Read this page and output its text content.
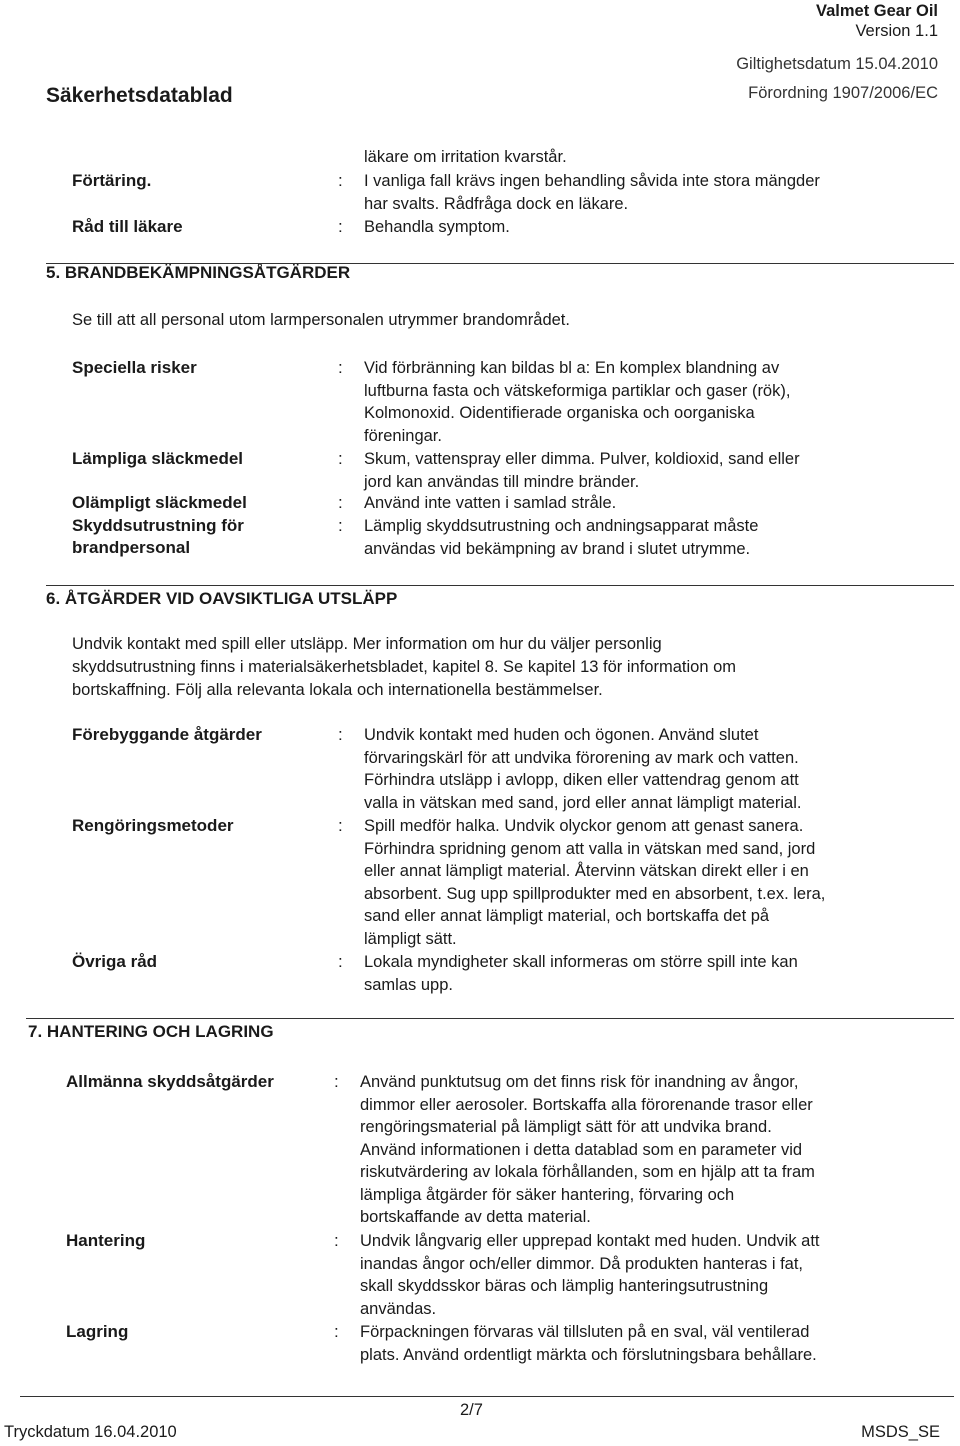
Valmet Gear Oil
Version 1.1
Giltighetsdatum 15.04.2010
Förordning 1907/2006/EC
Säkerhetsdatablad
läkare om irritation kvarstår.
Förtäring.	: I vanliga fall krävs ingen behandling såvida inte stora mängder
har svalts. Rådfråga dock en läkare.
Råd till läkare	: Behandla symptom.
5. BRANDBEKÄMPNINGSÅTGÄRDER
Se till att all personal utom larmpersonalen utrymmer brandområdet.
Speciella risker	: Vid förbränning kan bildas bl a: En komplex blandning av
luftburna fasta och vätskeformiga partiklar och gaser (rök),
Kolmonoxid. Oidentifierade organiska och oorganiska
föreningar.
Lämpliga släckmedel	: Skum, vattenspray eller dimma. Pulver, koldioxid, sand eller
jord kan användas till mindre bränder.
Olämpligt släckmedel	: Använd inte vatten i samlad stråle.
Skyddsutrustning för
brandpersonal
: Lämplig skyddsutrustning och andningsapparat måste
användas vid bekämpning av brand i slutet utrymme.
6. ÅTGÄRDER VID OAVSIKTLIGA UTSLÄPP
Undvik kontakt med spill eller utsläpp. Mer information om hur du väljer personlig
skyddsutrustning finns i materialsäkerhetsbladet, kapitel 8. Se kapitel 13 för information om
bortskaffning. Följ alla relevanta lokala och internationella bestämmelser.
Förebyggande åtgärder	: Undvik kontakt med huden och ögonen. Använd slutet
förvaringskärl för att undvika förorening av mark och vatten.
Förhindra utsläpp i avlopp, diken eller vattendrag genom att
valla in vätskan med sand, jord eller annat lämpligt material.
Rengöringsmetoder	: Spill medför halka. Undvik olyckor genom att genast sanera.
Förhindra spridning genom att valla in vätskan med sand, jord
eller annat lämpligt material. Återvinn vätskan direkt eller i en
absorbent. Sug upp spillprodukter med en absorbent, t.ex. lera,
sand eller annat lämpligt material, och bortskaffa det på
lämpligt sätt.
Övriga råd	: Lokala myndigheter skall informeras om större spill inte kan
samlas upp.
7. HANTERING OCH LAGRING
Allmänna skyddsåtgärder	: Använd punktutsug om det finns risk för inandning av ångor,
dimmor eller aerosoler. Bortskaffa alla förorenande trasor eller
rengöringsmaterial på lämpligt sätt för att undvika brand.
Använd informationen i detta datablad som en parameter vid
riskutvärdering av lokala förhållanden, som en hjälp att ta fram
lämpliga åtgärder för säker hantering, förvaring och
bortskaffande av detta material.
Hantering	: Undvik långvarig eller upprepad kontakt med huden. Undvik att
inandas ångor och/eller dimmor. Då produkten hanteras i fat,
skall skyddsskor bäras och lämplig hanteringsutrustning
användas.
Lagring	: Förpackningen förvaras väl tillsluten på en sval, väl ventilerad
plats. Använd ordentligt märkta och förslutningsbara behållare.
2/7
Tryckdatum 16.04.2010	MSDS_SE
